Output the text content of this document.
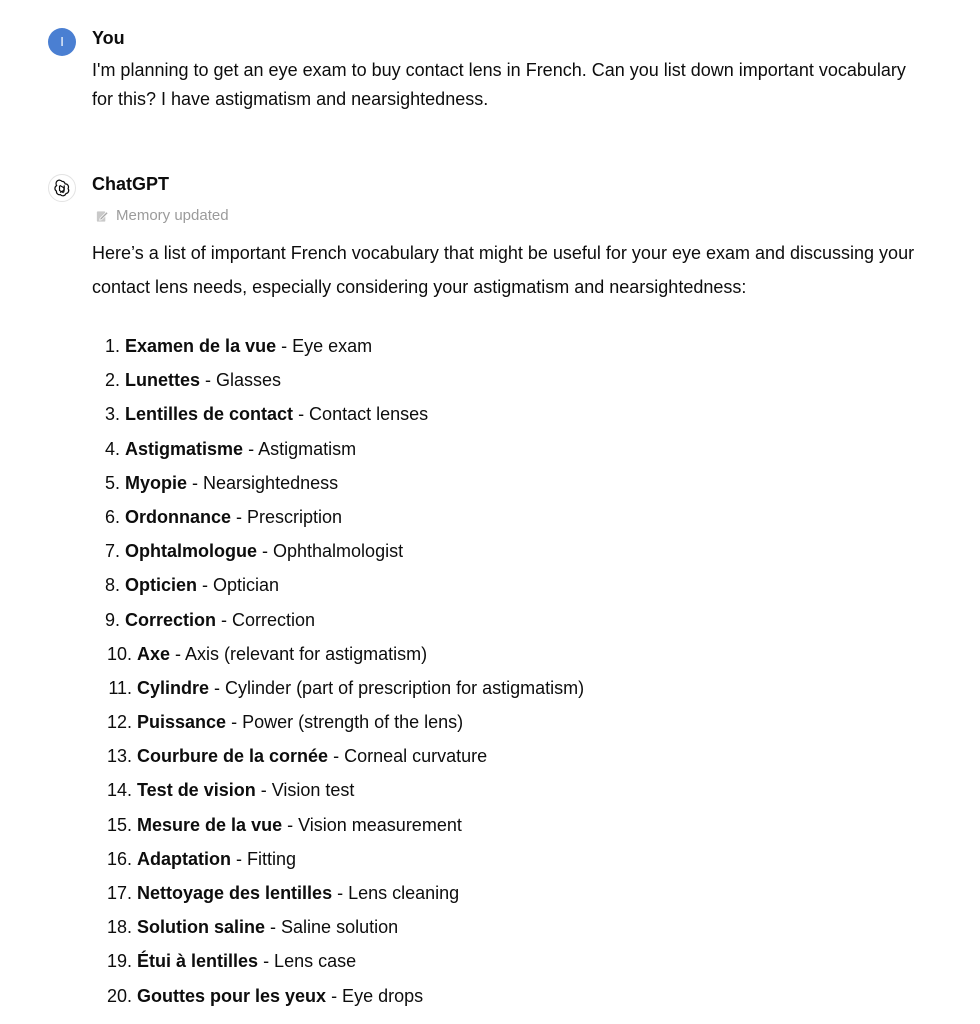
I	You
I'm planning to get an eye exam to buy contact lens in French. Can you list down important vocabulary for this? I have astigmatism and nearsightedness.
ChatGPT
Memory updated
Here’s a list of important French vocabulary that might be useful for your eye exam and discussing your contact lens needs, especially considering your astigmatism and nearsightedness:
1. Examen de la vue - Eye exam
2. Lunettes - Glasses
3. Lentilles de contact - Contact lenses
4. Astigmatisme - Astigmatism
5. Myopie - Nearsightedness
6. Ordonnance - Prescription
7. Ophtalmologue - Ophthalmologist
8. Opticien - Optician
9. Correction - Correction
10. Axe - Axis (relevant for astigmatism)
11. Cylindre - Cylinder (part of prescription for astigmatism)
12. Puissance - Power (strength of the lens)
13. Courbure de la cornée - Corneal curvature
14. Test de vision - Vision test
15. Mesure de la vue - Vision measurement
16. Adaptation - Fitting
17. Nettoyage des lentilles - Lens cleaning
18. Solution saline - Saline solution
19. Étui à lentilles - Lens case
20. Gouttes pour les yeux - Eye drops
